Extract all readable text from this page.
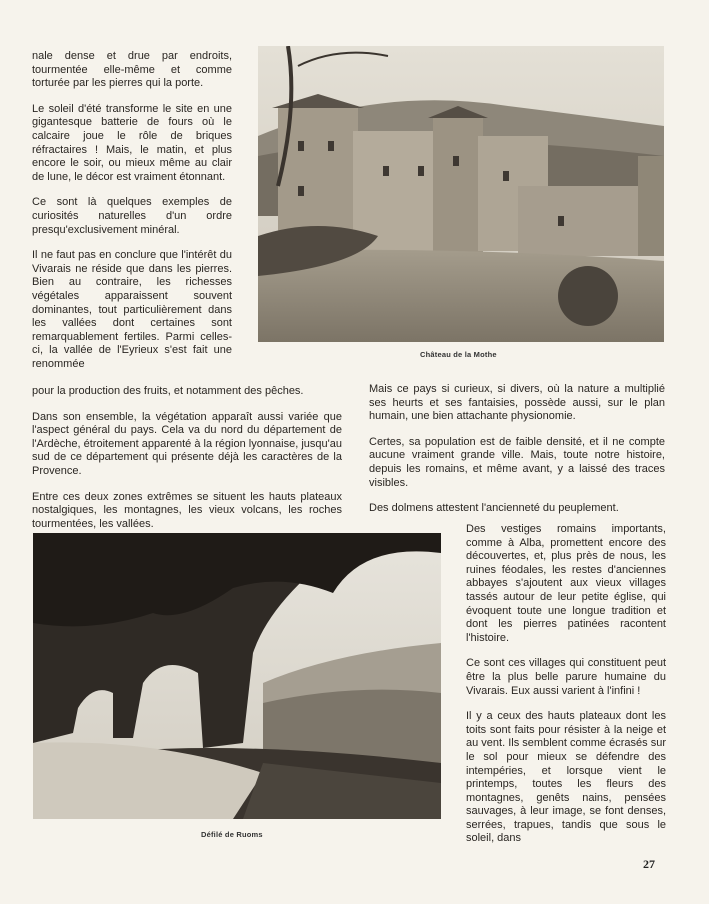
nale dense et drue par endroits, tourmentée elle-même et comme torturée par les pierres qui la porte.

Le soleil d'été transforme le site en une gigantesque batterie de fours où le calcaire joue le rôle de briques réfractaires ! Mais, le matin, et plus encore le soir, ou mieux même au clair de lune, le décor est vraiment étonnant.

Ce sont là quelques exemples de curiosités naturelles d'un ordre presqu'exclusivement minéral.

Il ne faut pas en conclure que l'intérêt du Vivarais ne réside que dans les pierres. Bien au contraire, les richesses végétales apparaissent souvent dominantes, tout particulièrement dans les vallées dont certaines sont remarquablement fertiles. Parmi celles-ci, la vallée de l'Eyrieux s'est fait une renommée

pour la production des fruits, et notamment des pêches.

Dans son ensemble, la végétation apparaît aussi variée que l'aspect général du pays. Cela va du nord du département de l'Ardèche, étroitement apparenté à la région lyonnaise, jusqu'au sud de ce département qui présente déjà les caractères de la Provence.

Entre ces deux zones extrêmes se situent les hauts plateaux nostalgiques, les montagnes, les vieux volcans, les roches tourmentées, les vallées.

Château de la Mothe

Mais ce pays si curieux, si divers, où la nature a multiplié ses heurts et ses fantaisies, possède aussi, sur le plan humain, une bien attachante physionomie.

Certes, sa population est de faible densité, et il ne compte aucune vraiment grande ville. Mais, toute notre histoire, depuis les romains, et même avant, y a laissé des traces visibles.

Des dolmens attestent l'ancienneté du peuplement.

Défilé de Ruoms

Des vestiges romains importants, comme à Alba, promettent encore des découvertes, et, plus près de nous, les ruines féodales, les restes d'anciennes abbayes s'ajoutent aux vieux villages tassés autour de leur petite église, qui évoquent toute une longue tradition et dont les pierres patinées racontent l'histoire.

Ce sont ces villages qui constituent peut être la plus belle parure humaine du Vivarais. Eux aussi varient à l'infini !

Il y a ceux des hauts plateaux dont les toits sont faits pour résister à la neige et au vent. Ils semblent comme écrasés sur le sol pour mieux se défendre des intempéries, et lorsque vient le printemps, toutes les fleurs des montagnes, genêts nains, pensées sauvages, à leur image, se font denses, serrées, trapues, tandis que sous le soleil, dans

27
